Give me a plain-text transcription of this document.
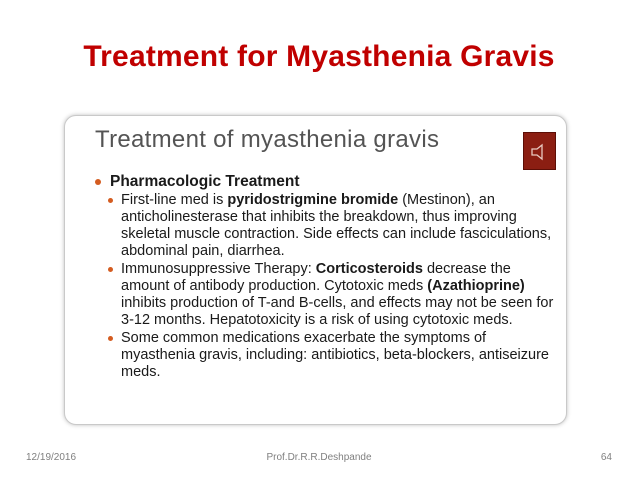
Treatment for Myasthenia Gravis
Treatment of myasthenia gravis
Pharmacologic Treatment
First-line med is pyridostrigmine bromide (Mestinon), an anticholinesterase that inhibits the breakdown, thus improving skeletal muscle contraction. Side effects can include fasciculations, abdominal pain, diarrhea.
Immunosuppressive Therapy: Corticosteroids decrease the amount of antibody production. Cytotoxic meds (Azathioprine) inhibits production of T-and B-cells, and effects may not be seen for 3-12 months. Hepatotoxicity is a risk of using cytotoxic meds.
Some common medications exacerbate the symptoms of myasthenia gravis, including: antibiotics, beta-blockers, antiseizure meds.
12/19/2016	Prof.Dr.R.R.Deshpande	64
